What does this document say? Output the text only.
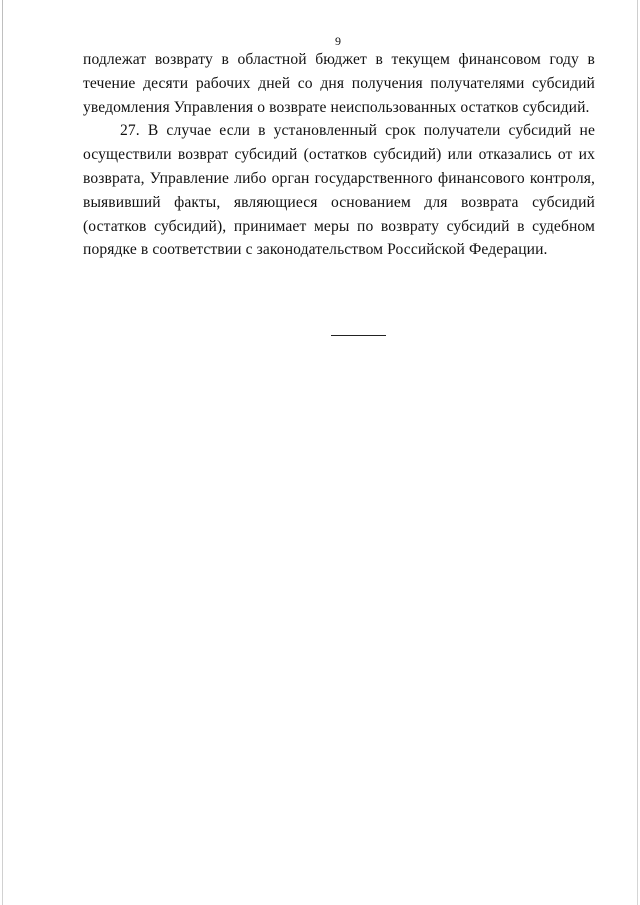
9

подлежат возврату в областной бюджет в текущем финансовом году в течение десяти рабочих дней со дня получения получателями субсидий уведомления Управления о возврате неиспользованных остатков субсидий.

27. В случае если в установленный срок получатели субсидий не осуществили возврат субсидий (остатков субсидий) или отказались от их возврата, Управление либо орган государственного финансового контроля, выявивший факты, являющиеся основанием для возврата субсидий (остатков субсидий), принимает меры по возврату субсидий в судебном порядке в соответствии с законодательством Российской Федерации.
